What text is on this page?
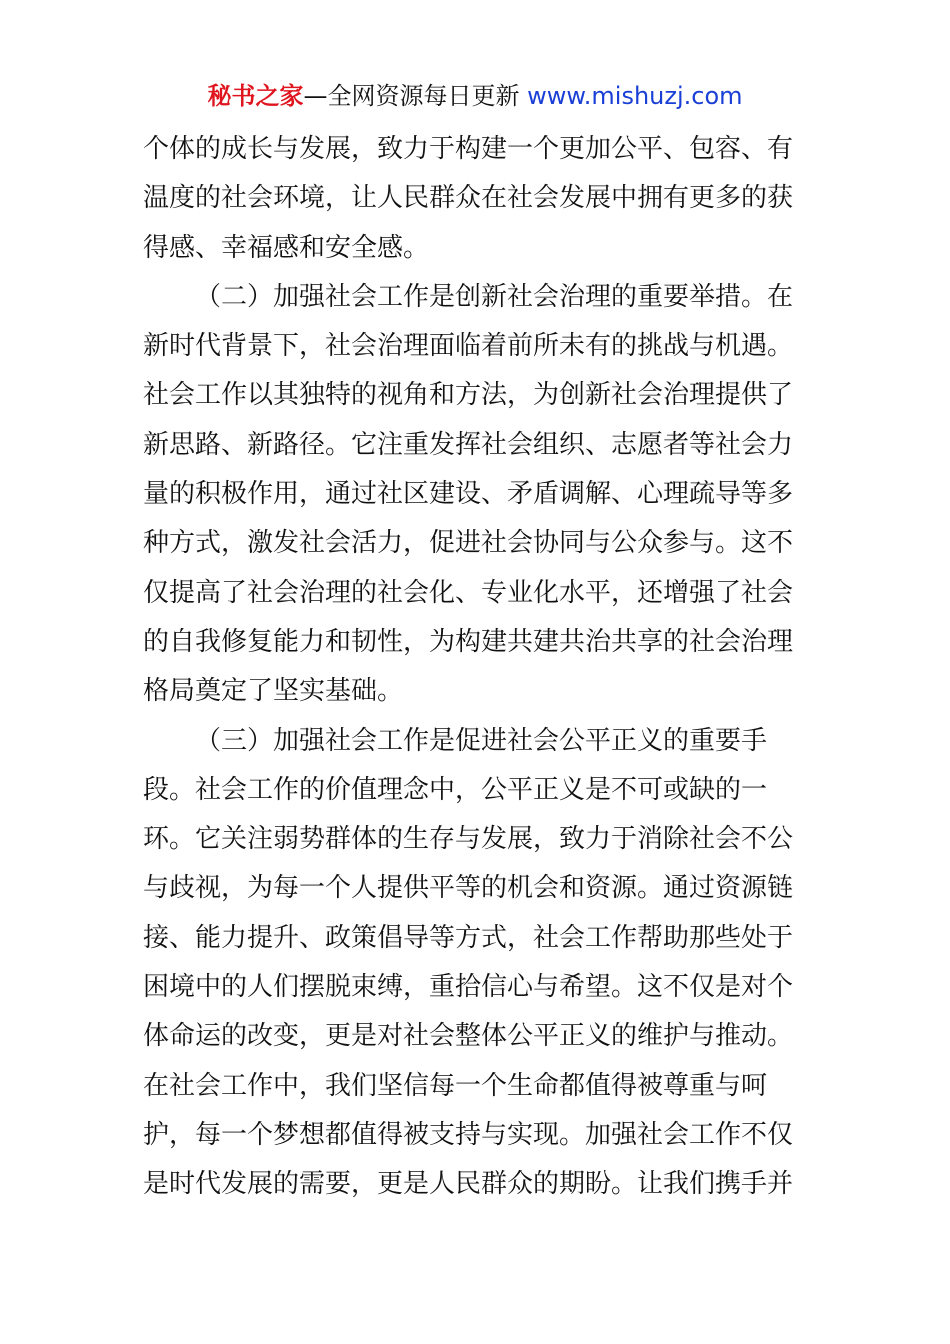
秘书之家—全网资源每日更新 www.mishuzj.com
个体的成长与发展，致力于构建一个更加公平、包容、有
温度的社会环境，让人民群众在社会发展中拥有更多的获
得感、幸福感和安全感。
（二）加强社会工作是创新社会治理的重要举措。在
新时代背景下，社会治理面临着前所未有的挑战与机遇。
社会工作以其独特的视角和方法，为创新社会治理提供了
新思路、新路径。它注重发挥社会组织、志愿者等社会力
量的积极作用，通过社区建设、矛盾调解、心理疏导等多
种方式，激发社会活力，促进社会协同与公众参与。这不
仅提高了社会治理的社会化、专业化水平，还增强了社会
的自我修复能力和韧性，为构建共建共治共享的社会治理
格局奠定了坚实基础。
（三）加强社会工作是促进社会公平正义的重要手
段。社会工作的价值理念中，公平正义是不可或缺的一
环。它关注弱势群体的生存与发展，致力于消除社会不公
与歧视，为每一个人提供平等的机会和资源。通过资源链
接、能力提升、政策倡导等方式，社会工作帮助那些处于
困境中的人们摆脱束缚，重拾信心与希望。这不仅是对个
体命运的改变，更是对社会整体公平正义的维护与推动。
在社会工作中，我们坚信每一个生命都值得被尊重与呵
护，每一个梦想都值得被支持与实现。加强社会工作不仅
是时代发展的需要，更是人民群众的期盼。让我们携手并
